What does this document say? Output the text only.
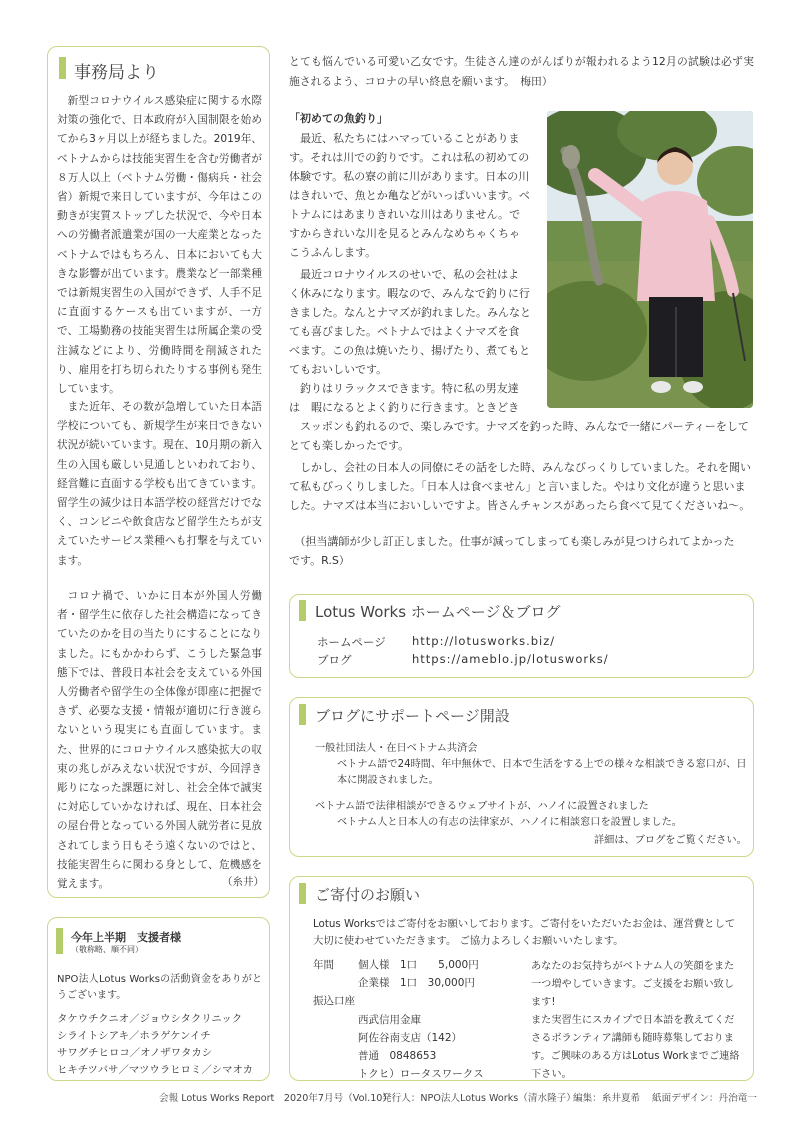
事務局より

新型コロナウイルス感染症に関する水際対策の強化で、日本政府が入国制限を始めてから3ヶ月以上が経ちました。2019年、ベトナムからは技能実習生を含む労働者が８万人以上（ベトナム労働・傷病兵・社会省）新規で来日していますが、今年はこの動きが実質ストップした状況で、今や日本への労働者派遣業が国の一大産業となったベトナムではもちろん、日本においても大きな影響が出ています。農業など一部業種では新規実習生の入国ができず、人手不足に直面するケースも出ていますが、一方で、工場勤務の技能実習生は所属企業の受注減などにより、労働時間を削減されたり、雇用を打ち切られたりする事例も発生しています。

また近年、その数が急増していた日本語学校についても、新規学生が来日できない状況が続いています。現在、10月期の新入生の入国も厳しい見通しといわれており、経営難に直面する学校も出てきています。留学生の減少は日本語学校の経営だけでなく、コンビニや飲食店など留学生たちが支えていたサービス業種へも打撃を与えています。

コロナ禍で、いかに日本が外国人労働者・留学生に依存した社会構造になってきていたのかを目の当たりにすることになりました。にもかかわらず、こうした緊急事態下では、普段日本社会を支えている外国人労働者や留学生の全体像が即座に把握できず、必要な支援・情報が適切に行き渡らないという現実にも直面しています。また、世界的にコロナウイルス感染拡大の収束の兆しがみえない状況ですが、今回浮き彫りになった課題に対し、社会全体で誠実に対応していかなければ、現在、日本社会の屋台骨となっている外国人就労者に見放されてしまう日もそう遠くないのではと、技能実習生らに関わる身として、危機感を覚えます。	（糸井）
今年上半期　支援者様
（敬称略、順不同）

NPO法人Lotus Worksの活動資金をありがとうございます。

タケウチクニオ／ジョウシタクリニック
シライトシアキ／ホラゲケンイチ
サワグチヒロコ／オノザワタカシ
ヒキチツバサ／マツウラヒロミ／シマオカ

とても悩んでいる可愛い乙女です。生徒さん達のがんばりが報われるよう12月の試験は必ず実施されるよう、コロナの早い終息を願います。　梅田）

「初めての魚釣り」
　最近、私たちにはハマっていることがありま
す。それは川での釣りです。これは私の初めての
体験です。私の寮の前に川があります。日本の川
はきれいで、魚とか亀などがいっぱいいます。ベ
トナムにはあまりきれいな川はありません。で
すからきれいな川を見るとみんなめちゃくちゃ
こうふんします。
　最近コロナウイルスのせいで、私の会社はよ
く休みになります。暇なので、みんなで釣りに行
きました。なんとナマズが釣れました。みんなと
ても喜びました。ベトナムではよくナマズを食
べます。この魚は焼いたり、揚げたり、煮てもと
てもおいしいです。
　釣りはリラックスできます。特に私の男友達
は　暇になるとよく釣りに行きます。ときどき
　スッポンも釣れるので、楽しみです。ナマズを釣った時、みんなで一緒にパーティーをして
とても楽しかったです。
　しかし、会社の日本人の同僚にその話をした時、みんなびっくりしていました。それを聞い
て私もびっくりしました。「日本人は食べません」と言いました。やはり文化が違うと思いま
した。ナマズは本当においしいですよ。皆さんチャンスがあったら食べて見てくださいね〜。
　（担当講師が少し訂正しました。仕事が減ってしまっても楽しみが見つけられてよかった
です。R.S）
Lotus Works ホームページ＆ブログ
ホームページ http://lotusworks.biz/
ブログ	https://ameblo.jp/lotusworks/
ブログにサポートページ開設
一般社団法人・在日ベトナム共済会
ベトナム語で24時間、年中無休で、日本で生活をする上での様々な相談できる窓口が、日
本に開設されました。
ベトナム語で法律相談ができるウェブサイトが、ハノイに設置されました
ベトナム人と日本人の有志の法律家が、ハノイに相談窓口を設置しました。
詳細は、ブログをご覧ください。
ご寄付のお願い
Lotus Worksではご寄付をお願いしております。ご寄付をいただいたお金は、運営費として
大切に使わせていただきます。 ご協力よろしくお願いいたします。
年間 個人様　1口　　5,000円
企業様　1口　30,000円
振込口座
西武信用金庫
阿佐谷南支店（142）
普通　0848653
トクヒ）ロータスワークス
あなたのお気持ちがベトナム人の笑顔をまた
一つ増やしていきます。ご支援をお願い致し
ます!
また実習生にスカイプで日本語を教えてくだ
さるボランティア講師も随時募集しておりま
す。ご興味のある方はLotus Workまでご連絡
下さい。
会報 Lotus Works Report　2020年7月号（Vol.10）
発行人：NPO法人Lotus Works（清水隆子）
編集：糸井夏希 紙面デザイン：丹治竜一
